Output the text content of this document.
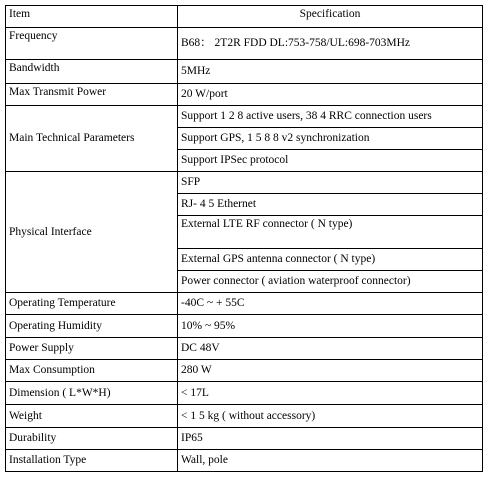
Item	Specification
Frequency	B68： 2T2R FDD DL:753-758/UL:698-703MHz
Bandwidth	5MHz
Max Transmit Power	20 W/port
Main Technical Parameters	Support 1 2 8 active users, 38 4 RRC connection users
	Support GPS, 1 5 8 8 v2 synchronization
	Support IPSec protocol
Physical Interface	SFP
	RJ- 4 5 Ethernet
	External LTE RF connector ( N type)
	External GPS antenna connector ( N type)
	Power connector ( aviation waterproof connector)
Operating Temperature	-40C ~ + 55C
Operating Humidity	10% ~ 95%
Power Supply	DC 48V
Max Consumption	280 W
Dimension ( L*W*H)	< 17L
Weight	< 1 5 kg ( without accessory)
Durability	IP65
Installation Type	Wall, pole
